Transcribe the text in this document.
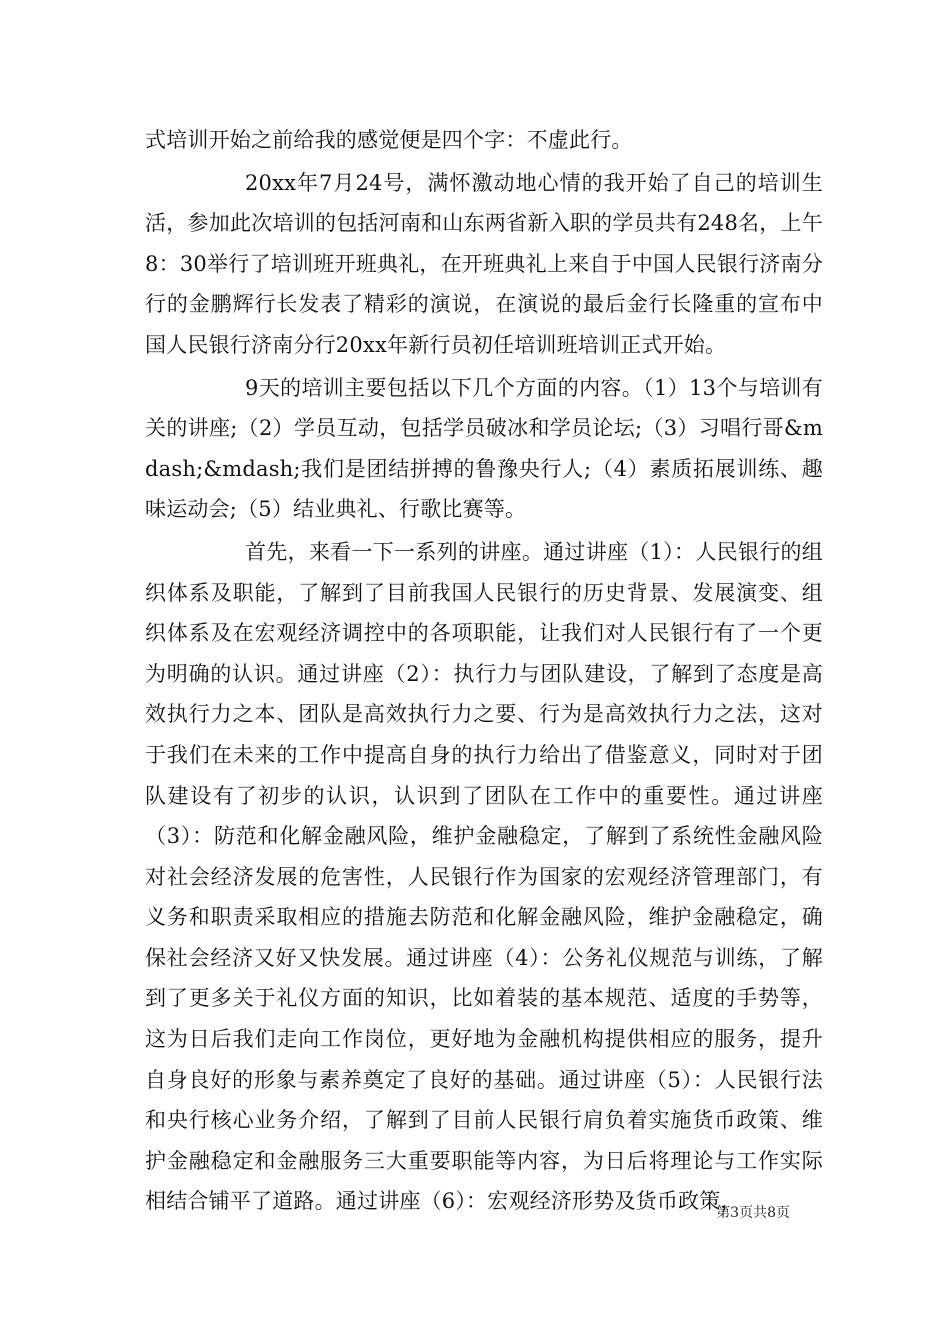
式培训开始之前给我的感觉便是四个字：不虚此行。

20xx年7月24号，满怀激动地心情的我开始了自己的培训生活，参加此次培训的包括河南和山东两省新入职的学员共有248名，上午8：30举行了培训班开班典礼，在开班典礼上来自于中国人民银行济南分行的金鹏辉行长发表了精彩的演说，在演说的最后金行长隆重的宣布中国人民银行济南分行20xx年新行员初任培训班培训正式开始。

9天的培训主要包括以下几个方面的内容。（1）13个与培训有关的讲座;（2）学员互动，包括学员破冰和学员论坛;（3）习唱行哥&mdash;&mdash;我们是团结拼搏的鲁豫央行人;（4）素质拓展训练、趣味运动会;（5）结业典礼、行歌比赛等。

首先，来看一下一系列的讲座。通过讲座（1）：人民银行的组织体系及职能，了解到了目前我国人民银行的历史背景、发展演变、组织体系及在宏观经济调控中的各项职能，让我们对人民银行有了一个更为明确的认识。通过讲座（2）：执行力与团队建设，了解到了态度是高效执行力之本、团队是高效执行力之要、行为是高效执行力之法，这对于我们在未来的工作中提高自身的执行力给出了借鉴意义，同时对于团队建设有了初步的认识，认识到了团队在工作中的重要性。通过讲座（3）：防范和化解金融风险，维护金融稳定，了解到了系统性金融风险对社会经济发展的危害性，人民银行作为国家的宏观经济管理部门，有义务和职责采取相应的措施去防范和化解金融风险，维护金融稳定，确保社会经济又好又快发展。通过讲座（4）：公务礼仪规范与训练，了解到了更多关于礼仪方面的知识，比如着装的基本规范、适度的手势等，这为日后我们走向工作岗位，更好地为金融机构提供相应的服务，提升自身良好的形象与素养奠定了良好的基础。通过讲座（5）：人民银行法和央行核心业务介绍，了解到了目前人民银行肩负着实施货币政策、维护金融稳定和金融服务三大重要职能等内容，为日后将理论与工作实际相结合铺平了道路。通过讲座（6）：宏观经济形势及货币政策，

第3页共8页
